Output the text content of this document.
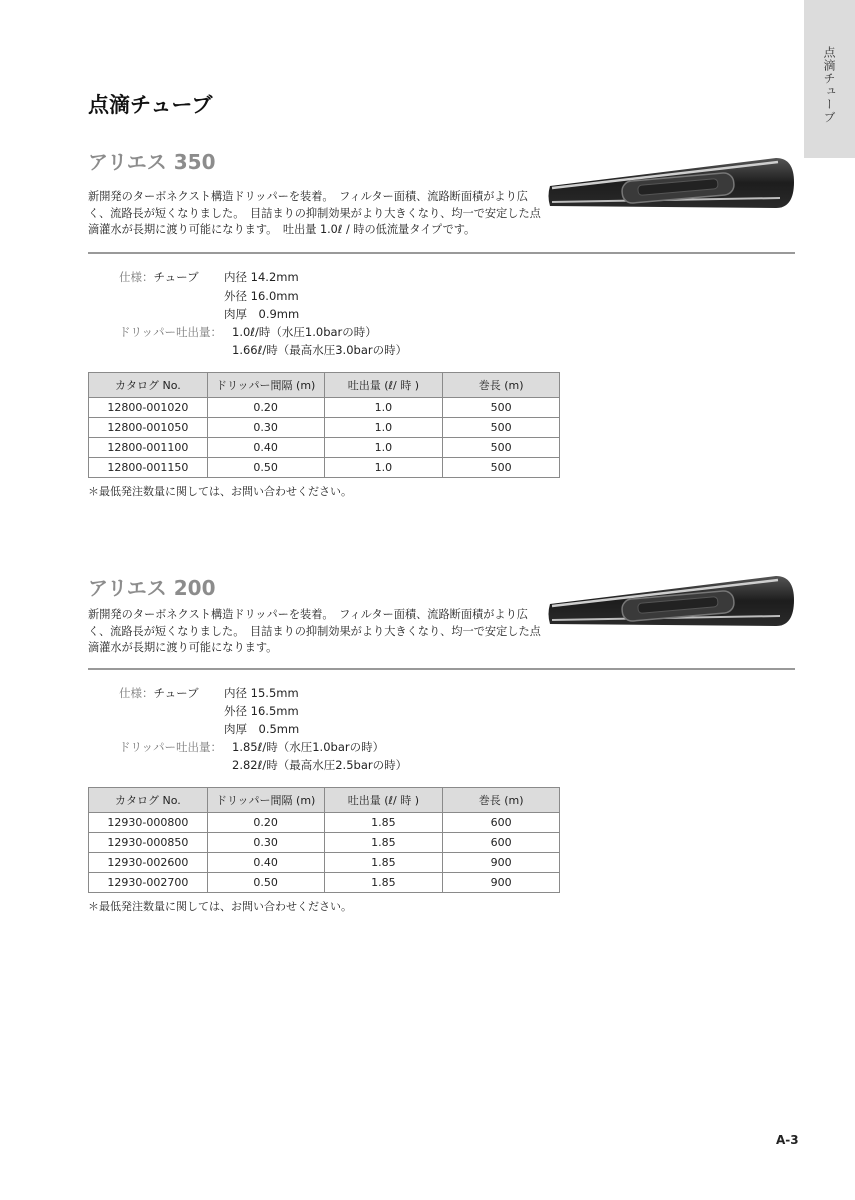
点滴チューブ
点滴チューブ
アリエス 350

新開発のターボネクスト構造ドリッパーを装着。　フィルター面積、流路断面積がより広く、流路長が短くなりました。　目詰まりの抑制効果がより大きくなり、均一で安定した点滴灌水が長期に渡り可能になります。　吐出量 1.0ℓ / 時の低流量タイプです。

仕様：チューブ 内径 14.2mm
外径 16.0mm
肉厚　0.9mm
ドリッパー吐出量： 1.0ℓ/時（水圧1.0barの時）
1.66ℓ/時（最高水圧3.0barの時）
カタログ No.	ドリッパー間隔 (m)	吐出量 (ℓ/ 時 )	巻長 (m)
12800-001020	0.20	1.0	500
12800-001050	0.30	1.0	500
12800-001100	0.40	1.0	500
12800-001150	0.50	1.0	500

＊最低発注数量に関しては、お問い合わせください。

アリエス 200

新開発のターボネクスト構造ドリッパーを装着。　フィルター面積、流路断面積がより広く、流路長が短くなりました。　目詰まりの抑制効果がより大きくなり、均一で安定した点滴灌水が長期に渡り可能になります。

仕様：チューブ 内径 15.5mm
外径 16.5mm
肉厚　0.5mm
ドリッパー吐出量： 1.85ℓ/時（水圧1.0barの時）
2.82ℓ/時（最高水圧2.5barの時）
カタログ No.	ドリッパー間隔 (m)	吐出量 (ℓ/ 時 )	巻長 (m)
12930-000800	0.20	1.85	600
12930-000850	0.30	1.85	600
12930-002600	0.40	1.85	900
12930-002700	0.50	1.85	900

＊最低発注数量に関しては、お問い合わせください。

A-3
